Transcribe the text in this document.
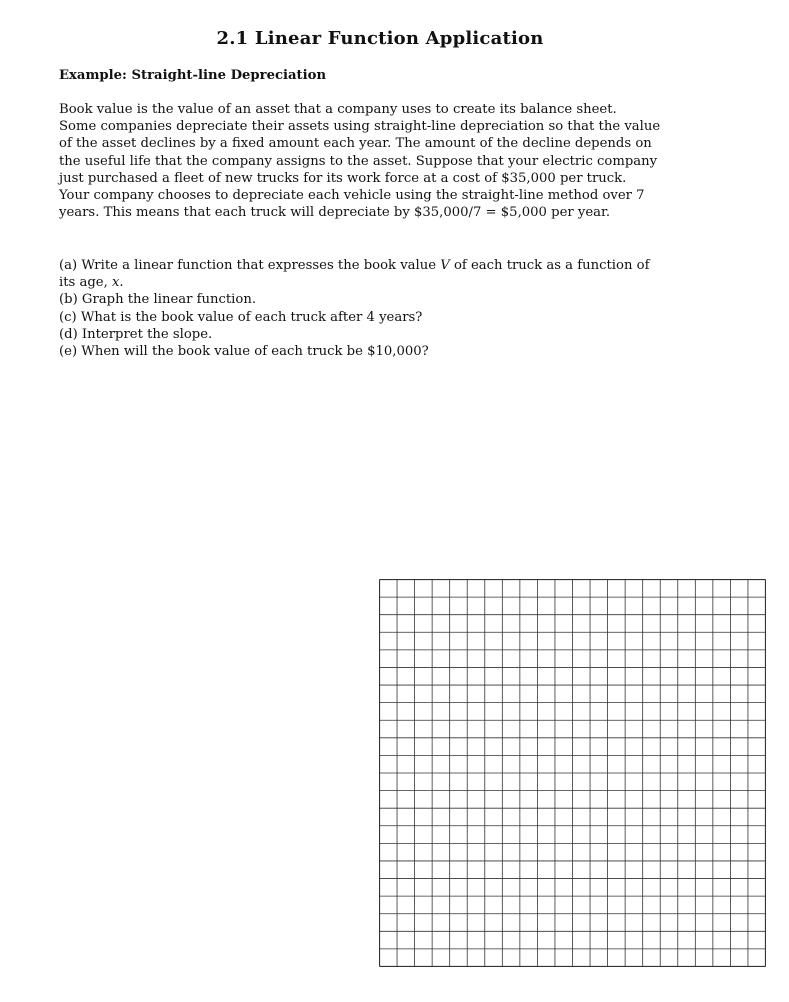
2.1 Linear Function Application
Example: Straight-line Depreciation

Book value is the value of an asset that a company uses to create its balance sheet.
Some companies depreciate their assets using straight-line depreciation so that the value
of the asset declines by a fixed amount each year. The amount of the decline depends on
the useful life that the company assigns to the asset. Suppose that your electric company
just purchased a fleet of new trucks for its work force at a cost of $35,000 per truck.
Your company chooses to depreciate each vehicle using the straight-line method over 7
years. This means that each truck will depreciate by $35,000/7 = $5,000 per year.

(a) Write a linear function that expresses the book value V of each truck as a function of
its age, x.
(b) Graph the linear function.
(c) What is the book value of each truck after 4 years?
(d) Interpret the slope.
(e) When will the book value of each truck be $10,000?
